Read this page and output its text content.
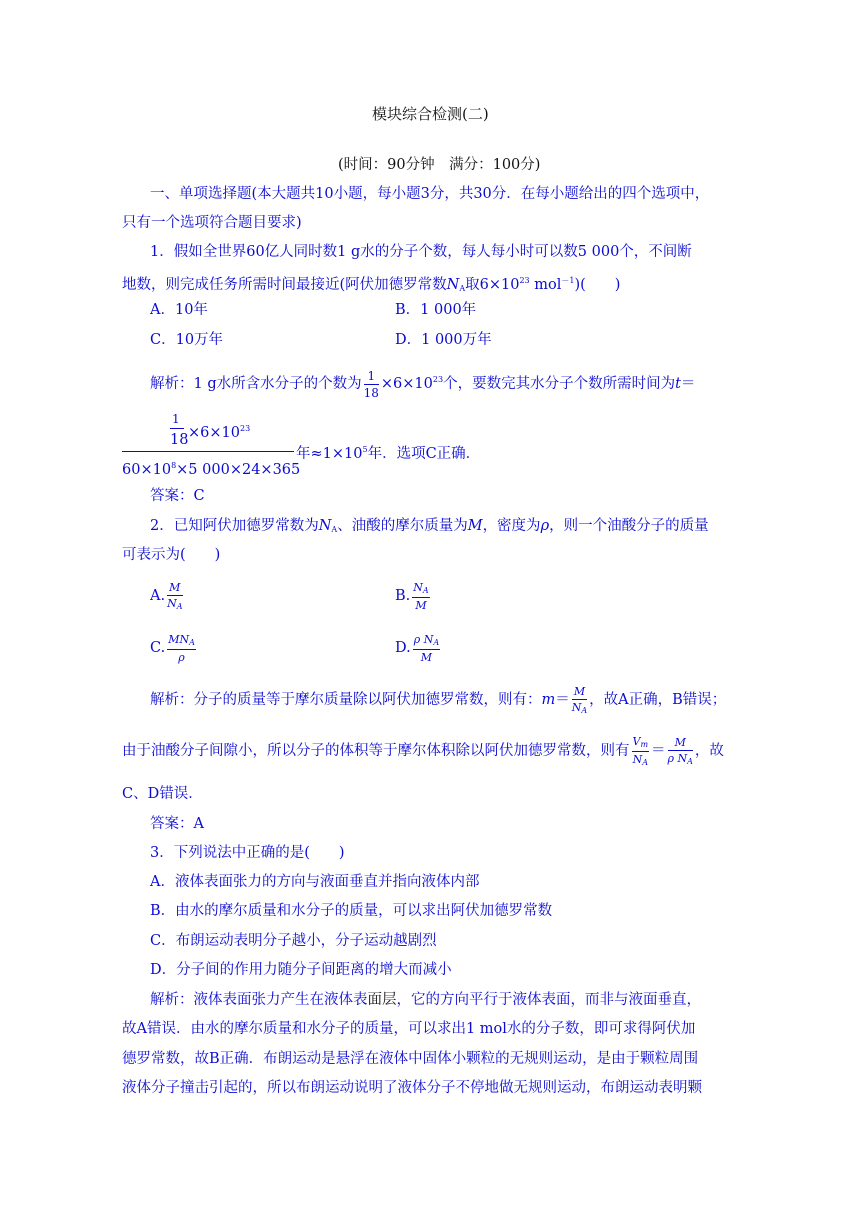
模块综合检测(二)
(时间：90分钟　满分：100分)
一、单项选择题(本大题共10小题，每小题3分，共30分．在每小题给出的四个选项中，
只有一个选项符合题目要求)
1．假如全世界60亿人同时数1 g水的分子个数，每人每小时可以数5 000个，不间断
地数，则完成任务所需时间最接近(阿伏加德罗常数$N_A$取$6\times 10^{23}$ mol$^{-1}$)(　　)
A．10年	B．1 000年
C．10万年	D．1 000万年
解析：1 g水所含水分子的个数为 $\frac{1}{18} \times 6\times 10^{23}$个，要数完其水分子个数所需时间为t＝
1
$18 \times 6\times 10^{23}$
年$\approx 1\times 10^5$年．选项C正确．
$60\times 10^8\times 5$ 000×24×365
答案：C
2．已知阿伏加德罗常数为$N_A$、油酸的摩尔质量为M，密度为ρ，则一个油酸分子的质量
可表示为(　　)
A. $\frac{M}{N_A}$	B. $\frac{N_A}{M}$
C. $\frac{MN_A}{\rho}$	D. $\frac{\rho N_A}{M}$
解析：分子的质量等于摩尔质量除以阿伏加德罗常数，则有：$m= \frac{M}{N_A}$ ，故A正确，B错误；
由于油酸分子间隙小，所以分子的体积等于摩尔体积除以阿伏加德罗常数，则有 $\frac{V_m}{N_A} = \frac{M}{\rho N_A}$ ，故
C、D错误．
答案：A
3．下列说法中正确的是(　　)
A．液体表面张力的方向与液面垂直并指向液体内部
B．由水的摩尔质量和水分子的质量，可以求出阿伏加德罗常数
C．布朗运动表明分子越小，分子运动越剧烈
D．分子间的作用力随分子间距离的增大而减小
解析：液体表面张力产生在液体表面层，它的方向平行于液体表面，而非与液面垂直，
故A错误．由水的摩尔质量和水分子的质量，可以求出1 mol水的分子数，即可求得阿伏加
德罗常数，故B正确．布朗运动是悬浮在液体中固体小颗粒的无规则运动，是由于颗粒周围
液体分子撞击引起的，所以布朗运动说明了液体分子不停地做无规则运动，布朗运动表明颗
